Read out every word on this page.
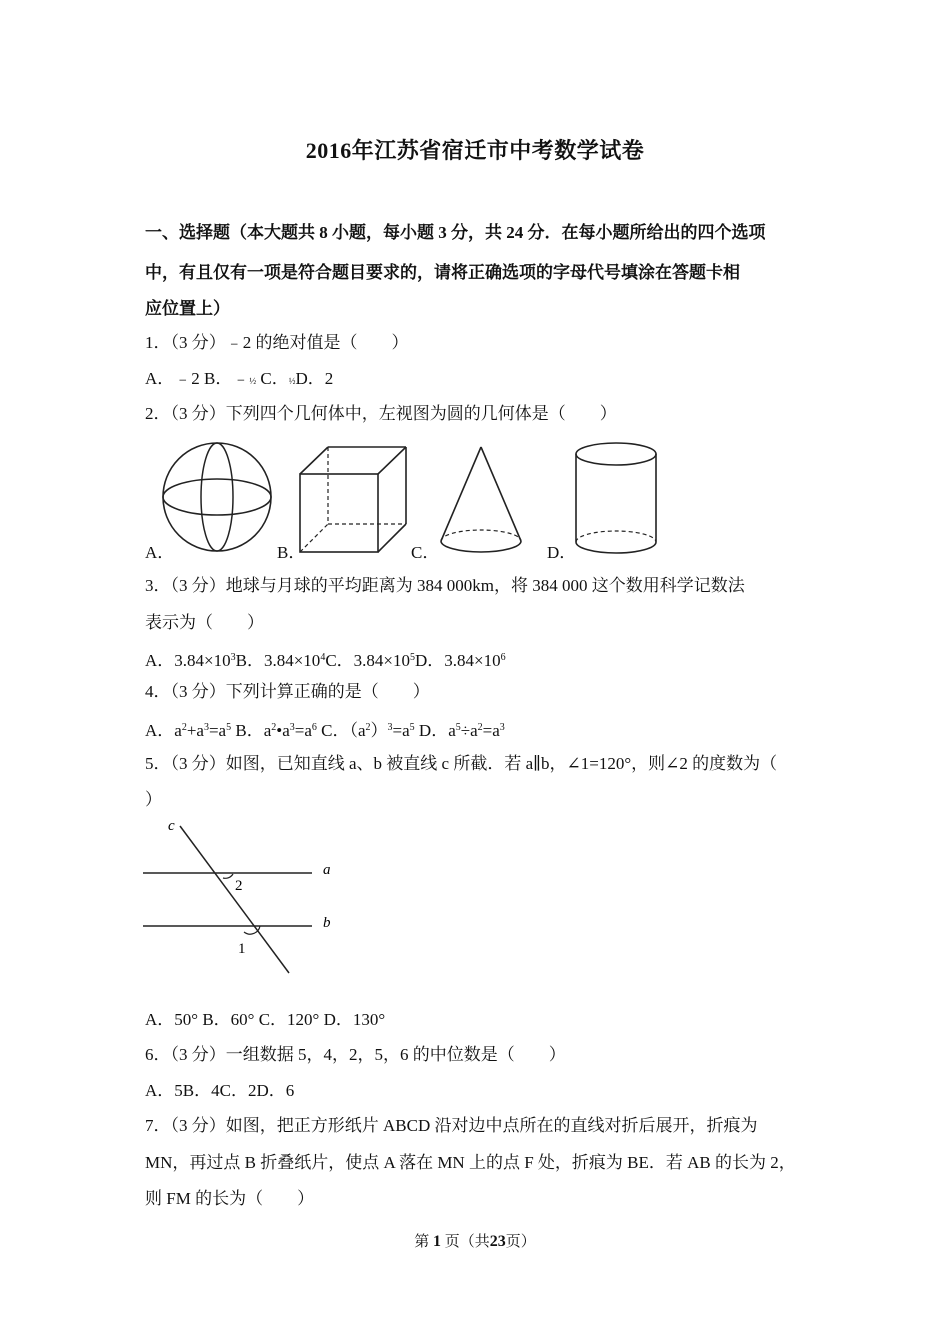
2016年江苏省宿迁市中考数学试卷
一、选择题（本大题共 8 小题，每小题 3 分，共 24 分．在每小题所给出的四个选项
中，有且仅有一项是符合题目要求的，请将正确选项的字母代号填涂在答题卡相
应位置上）
1．（3 分）﹣2 的绝对值是（　　）
A．﹣2 B．﹣½ C．½D．2
2．（3 分）下列四个几何体中，左视图为圆的几何体是（　　）
A．	B．	C．	D．
3．（3 分）地球与月球的平均距离为 384 000km，将 384 000 这个数用科学记数法
表示为（　　）
A．$3.84\times 10^3B$．$3.84\times 10^4C$．$3.84\times 10^5D$．$3.84\times 10^6$
4．（3 分）下列计算正确的是（　　）
A．$a^2+a^3=a^5$ B．$a^2•a^3=a^6$ C．$(a^2)^3=a^5$ D．$a^5\div a^2=a^3$
5．（3 分）如图，已知直线 a、b 被直线 c 所截．若 a∥b，∠1=120°，则∠2 的度数为（
）
c
a
b
2
1
A．50° B．60° C．120° D．130°
6．（3 分）一组数据 5，4，2，5，6 的中位数是（　　）
A．5B．4C．2D．6
7．（3 分）如图，把正方形纸片 ABCD 沿对边中点所在的直线对折后展开，折痕为
MN，再过点 B 折叠纸片，使点 A 落在 MN 上的点 F 处，折痕为 BE．若 AB 的长为 2，
则 FM 的长为（　　）
第 1 页（共23页）
